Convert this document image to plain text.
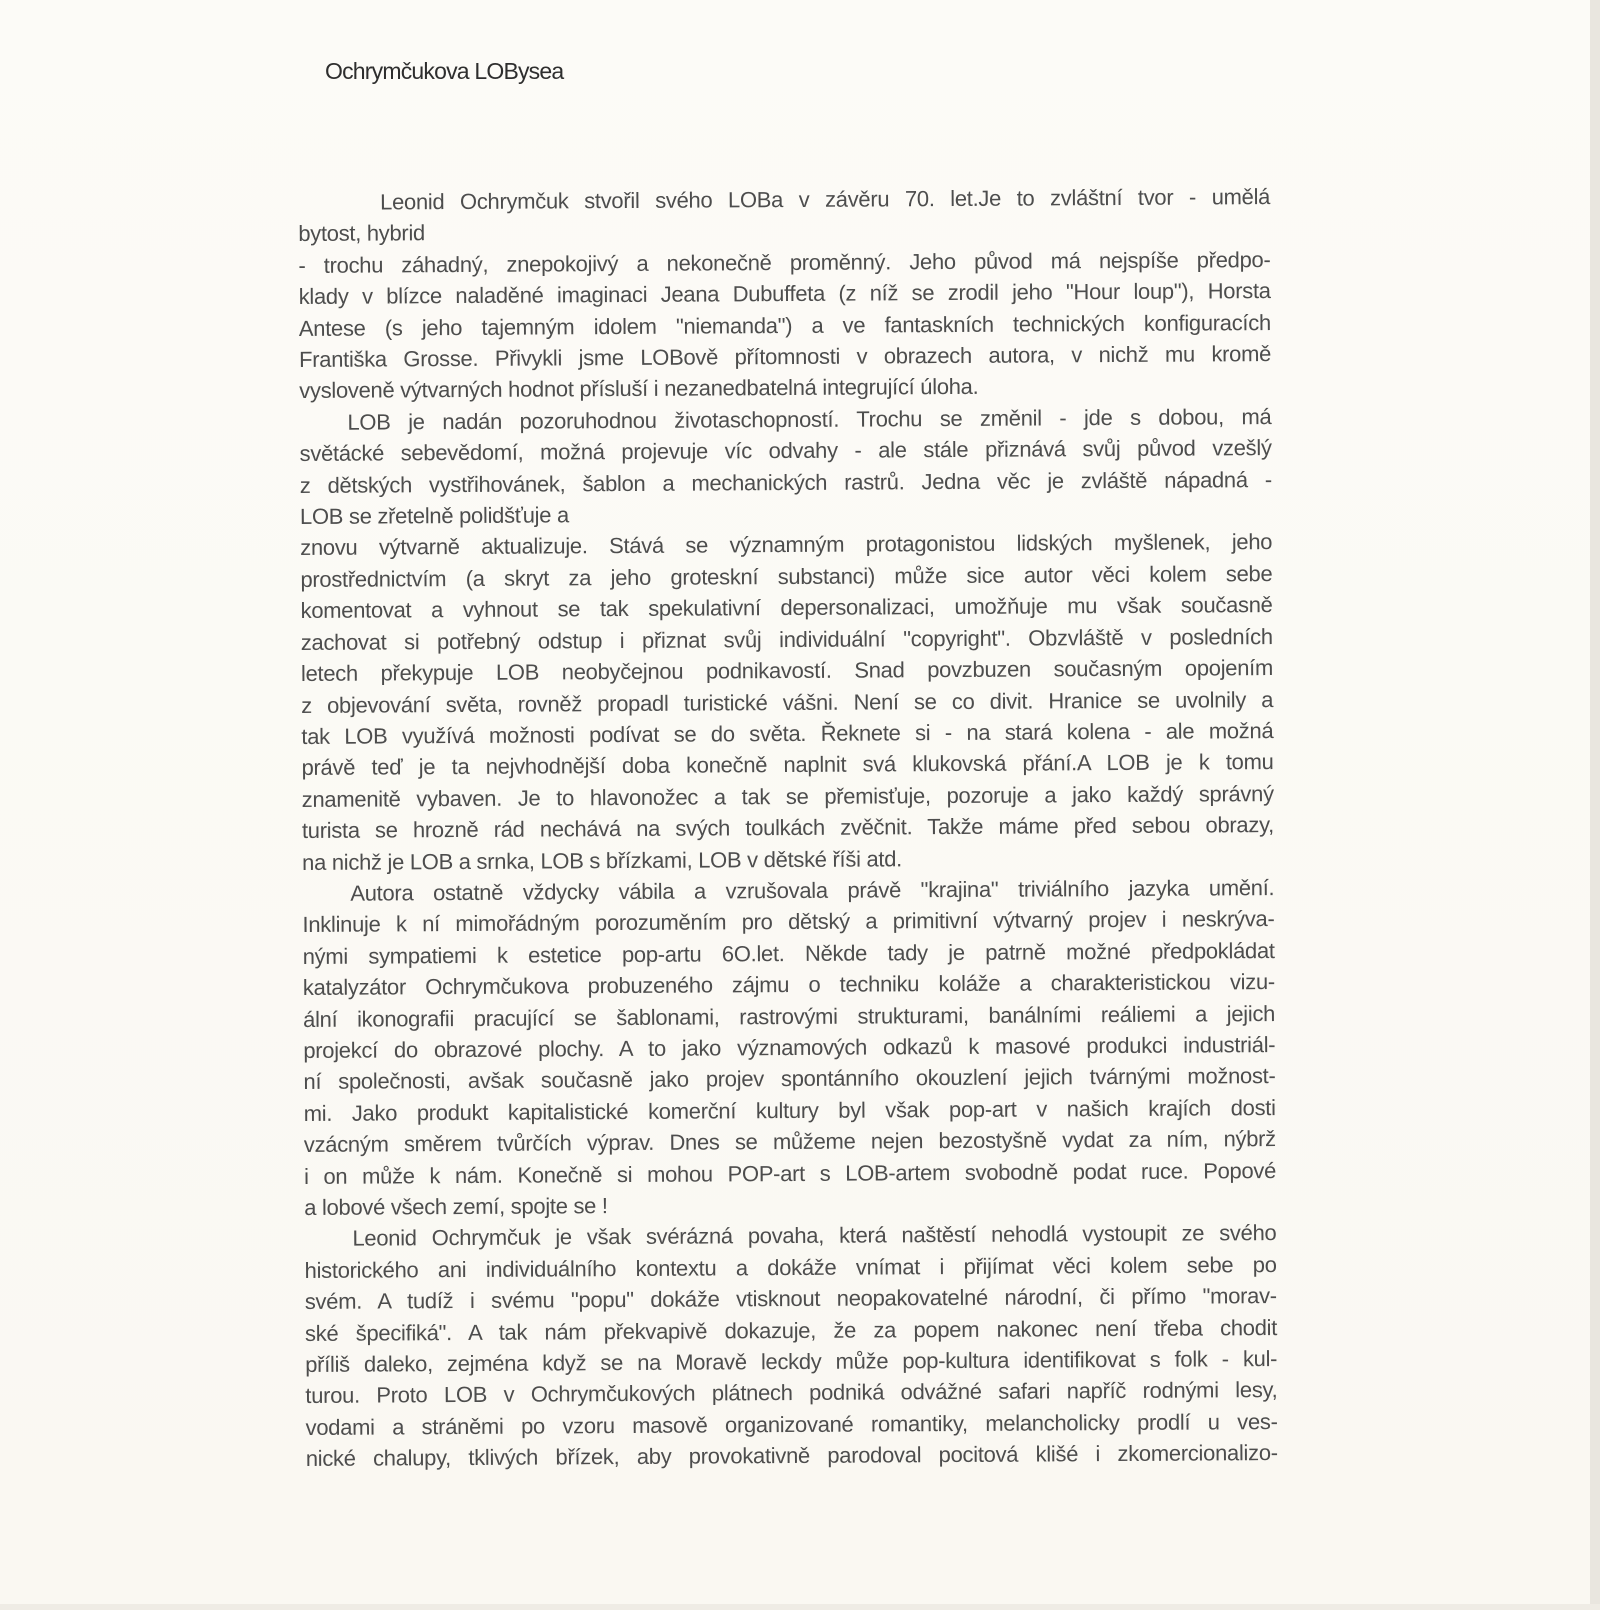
Ochrymčukova LOBysea
Leonid Ochrymčuk stvořil svého LOBa v závěru 70. let.Je to zvláštní tvor - umělá
bytost, hybrid
- trochu záhadný, znepokojivý a nekonečně proměnný. Jeho původ má nejspíše předpo-
klady v blízce naladěné imaginaci Jeana Dubuffeta (z níž se zrodil jeho "Hour loup"), Horsta
Antese (s jeho tajemným idolem "niemanda") a ve fantaskních technických konfiguracích
Františka Grosse. Přivykli jsme LOBově přítomnosti v obrazech autora, v nichž mu kromě
vysloveně výtvarných hodnot přísluší i nezanedbatelná integrující úloha.
LOB je nadán pozoruhodnou životaschopností. Trochu se změnil - jde s dobou, má
světácké sebevědomí, možná projevuje víc odvahy - ale stále přiznává svůj původ vzešlý
z dětských vystřihovánek, šablon a mechanických rastrů. Jedna věc je zvláště nápadná -
LOB se zřetelně polidšťuje a
znovu výtvarně aktualizuje. Stává se významným protagonistou lidských myšlenek, jeho
prostřednictvím (a skryt za jeho groteskní substanci) může sice autor věci kolem sebe
komentovat a vyhnout se tak spekulativní depersonalizaci, umožňuje mu však současně
zachovat si potřebný odstup i přiznat svůj individuální "copyright". Obzvláště v posledních
letech překypuje LOB neobyčejnou podnikavostí. Snad povzbuzen současným opojením
z objevování světa, rovněž propadl turistické vášni. Není se co divit. Hranice se uvolnily a
tak LOB využívá možnosti podívat se do světa. Řeknete si - na stará kolena - ale možná
právě teď je ta nejvhodnější doba konečně naplnit svá klukovská přání.A LOB je k tomu
znamenitě vybaven. Je to hlavonožec a tak se přemisťuje, pozoruje a jako každý správný
turista se hrozně rád nechává na svých toulkách zvěčnit. Takže máme před sebou obrazy,
na nichž je LOB a srnka, LOB s břízkami, LOB v dětské říši atd.
Autora ostatně vždycky vábila a vzrušovala právě "krajina" triviálního jazyka umění.
Inklinuje k ní mimořádným porozuměním pro dětský a primitivní výtvarný projev i neskrýva-
nými sympatiemi k estetice pop-artu 6O.let. Někde tady je patrně možné předpokládat
katalyzátor Ochrymčukova probuzeného zájmu o techniku koláže a charakteristickou vizu-
ální ikonografii pracující se šablonami, rastrovými strukturami, banálními reáliemi a jejich
projekcí do obrazové plochy. A to jako významových odkazů k masové produkci industriál-
ní společnosti, avšak současně jako projev spontánního okouzlení jejich tvárnými možnost-
mi. Jako produkt kapitalistické komerční kultury byl však pop-art v našich krajích dosti
vzácným směrem tvůrčích výprav. Dnes se můžeme nejen bezostyšně vydat za ním, nýbrž
i on může k nám. Konečně si mohou POP-art s LOB-artem svobodně podat ruce. Popové
a lobové všech zemí, spojte se !
Leonid Ochrymčuk je však svérázná povaha, která naštěstí nehodlá vystoupit ze svého
historického ani individuálního kontextu a dokáže vnímat i přijímat věci kolem sebe po
svém. A tudíž i svému "popu" dokáže vtisknout neopakovatelné národní, či přímo "morav-
ské špecifiká". A tak nám překvapivě dokazuje, že za popem nakonec není třeba chodit
příliš daleko, zejména když se na Moravě leckdy může pop-kultura identifikovat s folk - kul-
turou. Proto LOB v Ochrymčukových plátnech podniká odvážné safari napříč rodnými lesy,
vodami a stráněmi po vzoru masově organizované romantiky, melancholicky prodlí u ves-
nické chalupy, tklivých břízek, aby provokativně parodoval pocitová klišé i zkomercionalizo-
